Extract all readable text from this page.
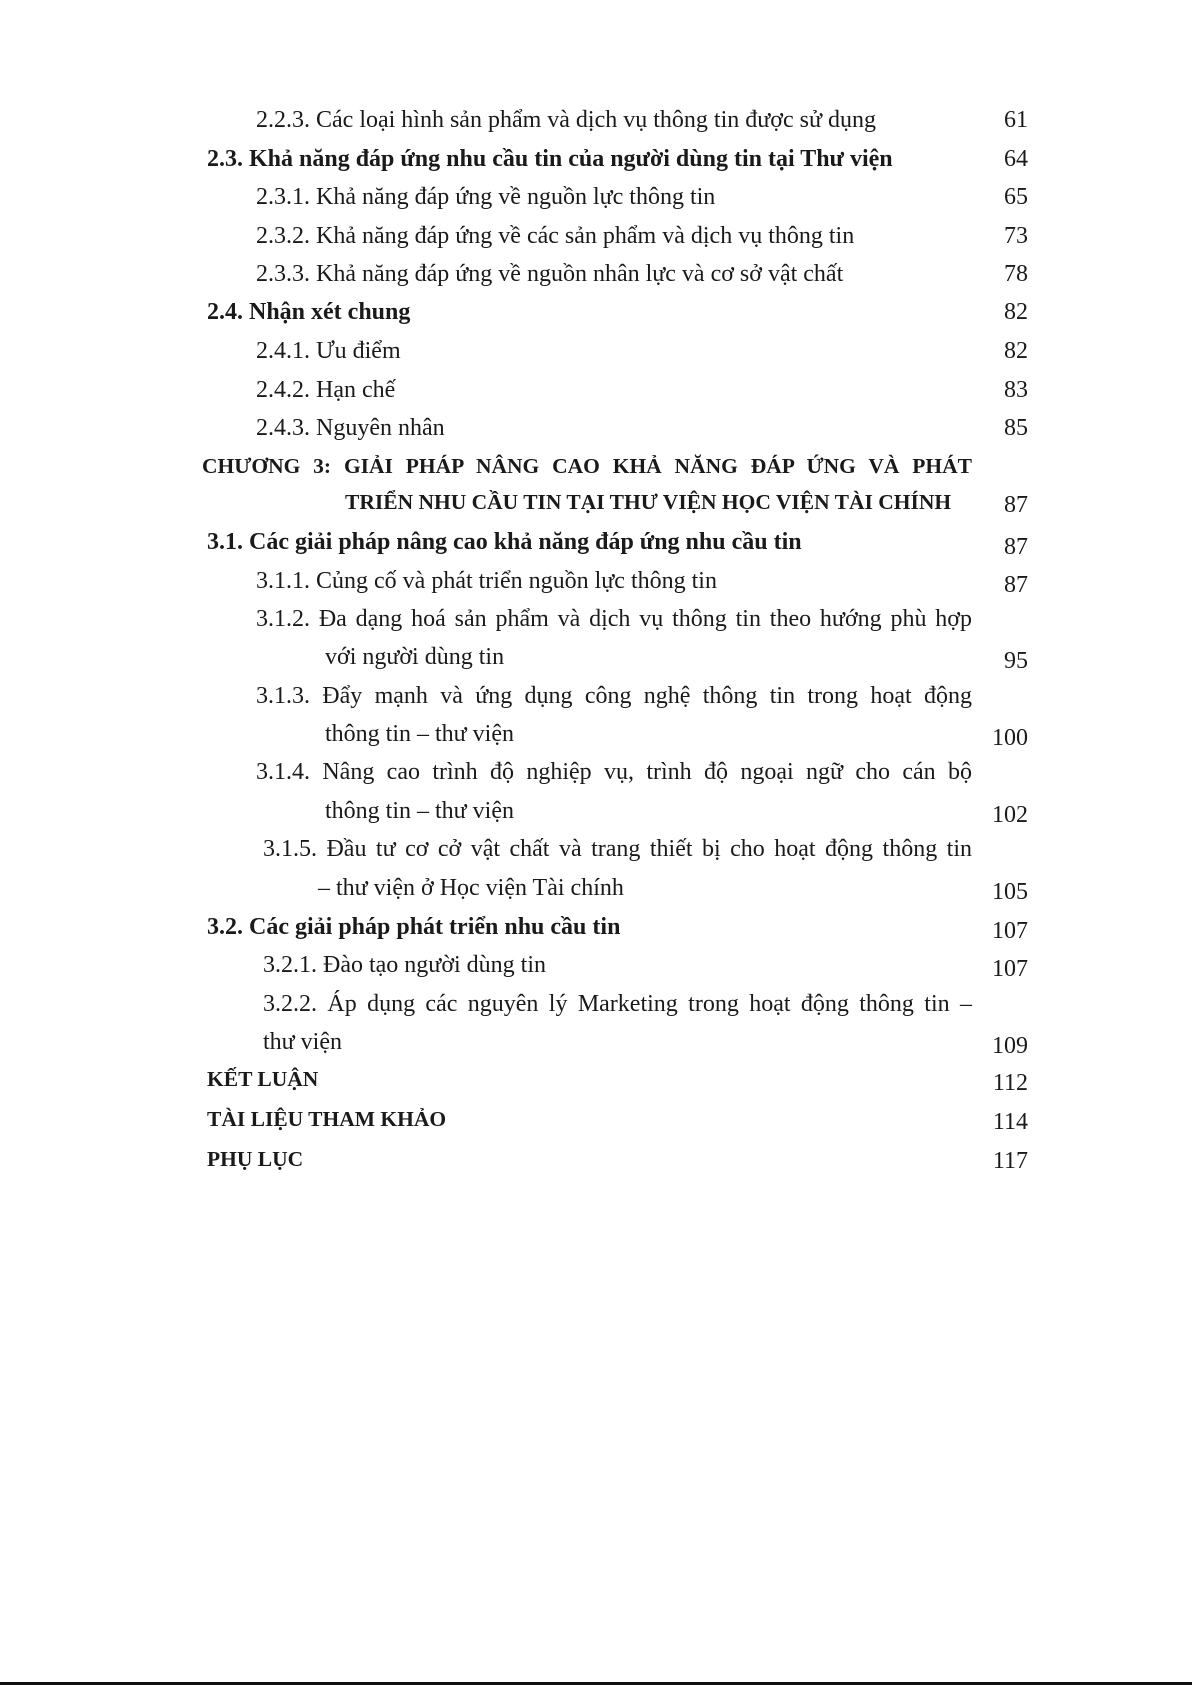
2.2.3. Các loại hình sản phẩm và dịch vụ thông tin được sử dụng	61
2.3. Khả năng đáp ứng nhu cầu tin của người dùng tin tại Thư viện	64
2.3.1. Khả năng đáp ứng về nguồn lực thông tin	65
2.3.2. Khả năng đáp ứng về các sản phẩm và dịch vụ thông tin	73
2.3.3. Khả năng đáp ứng về nguồn nhân lực và cơ sở vật chất	78
2.4. Nhận xét chung	82
2.4.1. Ưu điểm	82
2.4.2. Hạn chế	83
2.4.3. Nguyên nhân	85
CHƯƠNG 3: GIẢI PHÁP NÂNG CAO KHẢ NĂNG ĐÁP ỨNG VÀ PHÁT
TRIỂN NHU CẦU TIN TẠI THƯ VIỆN HỌC VIỆN TÀI CHÍNH 87
3.1. Các giải pháp nâng cao khả năng đáp ứng nhu cầu tin	87
3.1.1. Củng cố và phát triển nguồn lực thông tin	87
3.1.2. Đa dạng hoá sản phẩm và dịch vụ thông tin theo hướng phù hợp
với người dùng tin	95
3.1.3. Đẩy mạnh và ứng dụng công nghệ thông tin trong hoạt động
thông tin – thư viện	100
3.1.4. Nâng cao trình độ nghiệp vụ, trình độ ngoại ngữ cho cán bộ
thông tin – thư viện	102
3.1.5. Đầu tư cơ cở vật chất và trang thiết bị cho hoạt động thông tin
– thư viện ở Học viện Tài chính	105
3.2. Các giải pháp phát triển nhu cầu tin	107
3.2.1. Đào tạo người dùng tin	107
3.2.2. Áp dụng các nguyên lý Marketing trong hoạt động thông tin –
thư viện	109
KẾT LUẬN	112
TÀI LIỆU THAM KHẢO	114
PHỤ LỤC	117
